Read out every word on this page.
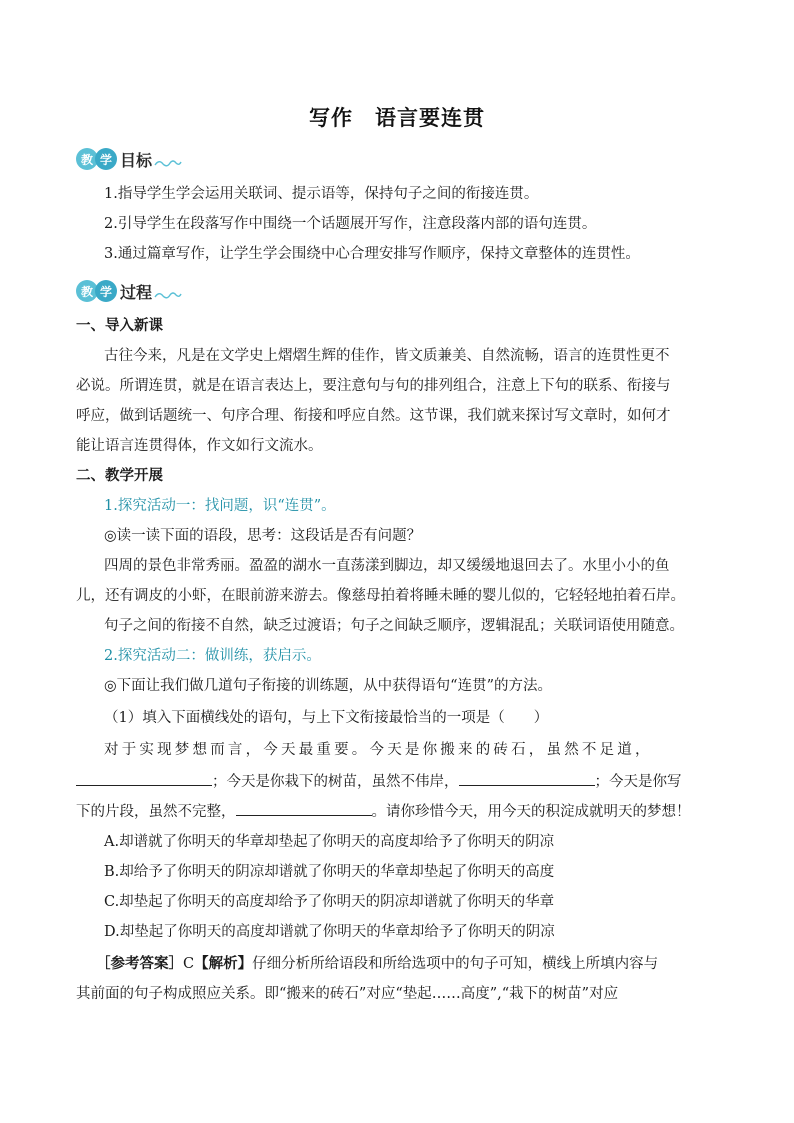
写作　语言要连贯
教 学 目标
1.指导学生学会运用关联词、提示语等，保持句子之间的衔接连贯。
2.引导学生在段落写作中围绕一个话题展开写作，注意段落内部的语句连贯。
3.通过篇章写作，让学生学会围绕中心合理安排写作顺序，保持文章整体的连贯性。
教 学 过程
一、导入新课
古往今来，凡是在文学史上熠熠生辉的佳作，皆文质兼美、自然流畅，语言的连贯性更不
必说。所谓连贯，就是在语言表达上，要注意句与句的排列组合，注意上下句的联系、衔接与
呼应，做到话题统一、句序合理、衔接和呼应自然。这节课，我们就来探讨写文章时，如何才
能让语言连贯得体，作文如行文流水。
二、教学开展
1.探究活动一：找问题，识“连贯”。
◎读一读下面的语段，思考：这段话是否有问题？
四周的景色非常秀丽。盈盈的湖水一直荡漾到脚边，却又缓缓地退回去了。水里小小的鱼
儿，还有调皮的小虾，在眼前游来游去。像慈母拍着将睡未睡的婴儿似的，它轻轻地拍着石岸。
句子之间的衔接不自然，缺乏过渡语；句子之间缺乏顺序，逻辑混乱；关联词语使用随意。
2.探究活动二：做训练，获启示。
◎下面让我们做几道句子衔接的训练题，从中获得语句“连贯”的方法。
（1）填入下面横线处的语句，与上下文衔接最恰当的一项是（　　）
对于实现梦想而言，今天最重要。今天是你搬来的砖石，虽然不足道，
；今天是你栽下的树苗，虽然不伟岸，	；今天是你写
下的片段，虽然不完整，	。请你珍惜今天，用今天的积淀成就明天的梦想！
A.却谱就了你明天的华章却垫起了你明天的高度却给予了你明天的阴凉
B.却给予了你明天的阴凉却谱就了你明天的华章却垫起了你明天的高度
C.却垫起了你明天的高度却给予了你明天的阴凉却谱就了你明天的华章
D.却垫起了你明天的高度却谱就了你明天的华章却给予了你明天的阴凉
［参考答案］C【解析】仔细分析所给语段和所给选项中的句子可知，横线上所填内容与
其前面的句子构成照应关系。即“搬来的砖石”对应“垫起……高度”,“栽下的树苗”对应
